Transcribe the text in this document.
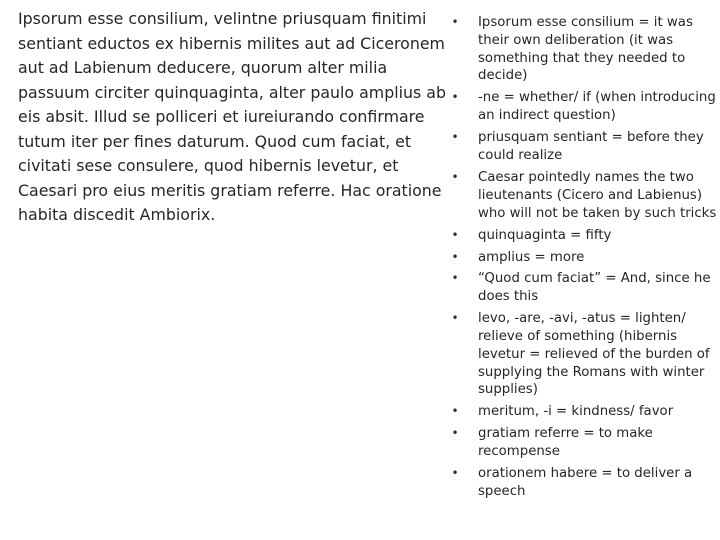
Ipsorum esse consilium, velintne priusquam finitimi sentiant eductos ex hibernis milites aut ad Ciceronem aut ad Labienum deducere, quorum alter milia passuum circiter quinquaginta, alter paulo amplius ab eis absit. Illud se polliceri et iureiurando confirmare tutum iter per fines daturum. Quod cum faciat, et civitati sese consulere, quod hibernis levetur, et Caesari pro eius meritis gratiam referre. Hac oratione habita discedit Ambiorix.

• Ipsorum esse consilium = it was their own deliberation (it was something that they needed to decide)
• -ne = whether/ if (when introducing an indirect question)
• priusquam sentiant = before they could realize
• Caesar pointedly names the two lieutenants (Cicero and Labienus) who will not be taken by such tricks
• quinquaginta = fifty
• amplius = more
• “Quod cum faciat” = And, since he does this
• levo, -are, -avi, -atus = lighten/ relieve of something (hibernis levetur = relieved of the burden of supplying the Romans with winter supplies)
• meritum, -i = kindness/ favor
• gratiam referre = to make recompense
• orationem habere = to deliver a speech
